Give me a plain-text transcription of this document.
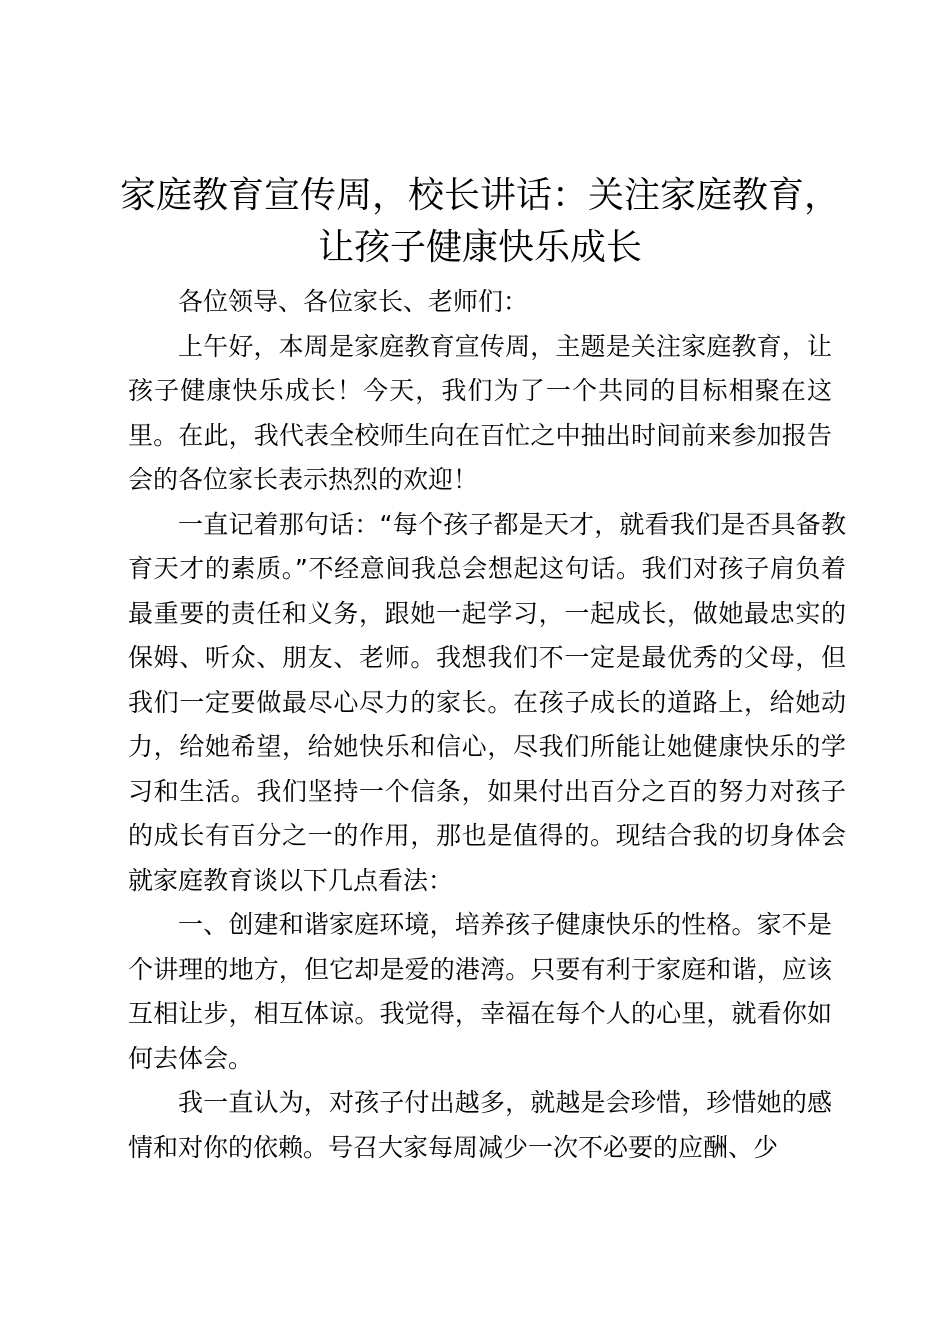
家庭教育宣传周，校长讲话：关注家庭教育，
让孩子健康快乐成长

各位领导、各位家长、老师们：

上午好，本周是家庭教育宣传周，主题是关注家庭教育，让孩子健康快乐成长！今天，我们为了一个共同的目标相聚在这里。在此，我代表全校师生向在百忙之中抽出时间前来参加报告会的各位家长表示热烈的欢迎！

一直记着那句话：“每个孩子都是天才，就看我们是否具备教育天才的素质。”不经意间我总会想起这句话。我们对孩子肩负着最重要的责任和义务，跟她一起学习，一起成长，做她最忠实的保姆、听众、朋友、老师。我想我们不一定是最优秀的父母，但我们一定要做最尽心尽力的家长。在孩子成长的道路上，给她动力，给她希望，给她快乐和信心，尽我们所能让她健康快乐的学习和生活。我们坚持一个信条，如果付出百分之百的努力对孩子的成长有百分之一的作用，那也是值得的。现结合我的切身体会就家庭教育谈以下几点看法：

一、创建和谐家庭环境，培养孩子健康快乐的性格。家不是个讲理的地方，但它却是爱的港湾。只要有利于家庭和谐，应该互相让步，相互体谅。我觉得，幸福在每个人的心里，就看你如何去体会。

我一直认为，对孩子付出越多，就越是会珍惜，珍惜她的感情和对你的依赖。号召大家每周减少一次不必要的应酬、少
